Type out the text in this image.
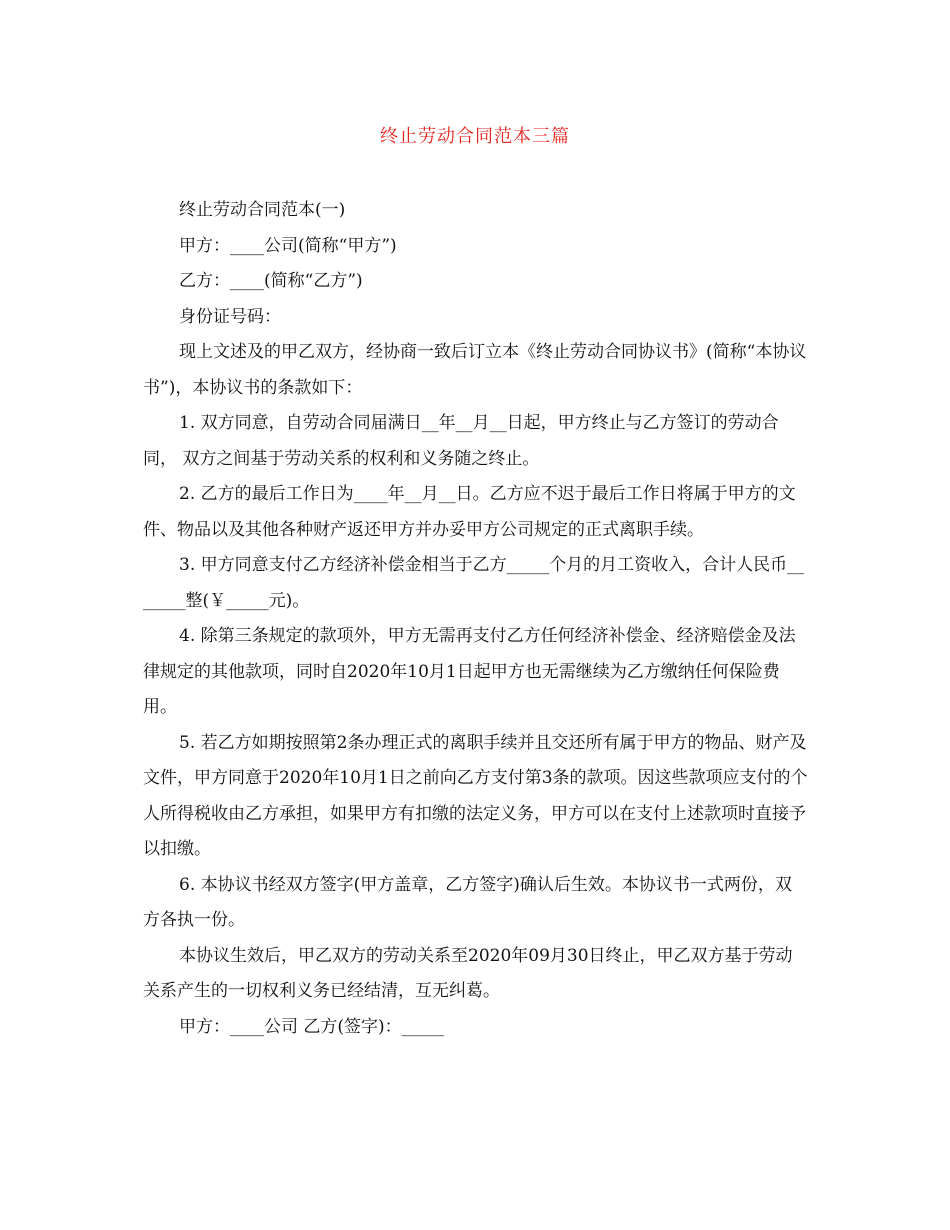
终止劳动合同范本三篇

终止劳动合同范本(一)

甲方：____公司(简称“甲方”)

乙方：____(简称“乙方”)

身份证号码：

现上文述及的甲乙双方，经协商一致后订立本《终止劳动合同协议书》(简称“本协议书”)，本协议书的条款如下：

1. 双方同意，自劳动合同届满日__年__月__日起，甲方终止与乙方签订的劳动合同， 双方之间基于劳动关系的权利和义务随之终止。

2. 乙方的最后工作日为____年__月__日。乙方应不迟于最后工作日将属于甲方的文件、物品以及其他各种财产返还甲方并办妥甲方公司规定的正式离职手续。

3. 甲方同意支付乙方经济补偿金相当于乙方_____个月的月工资收入，合计人民币_______整(￥_____元)。

4. 除第三条规定的款项外，甲方无需再支付乙方任何经济补偿金、经济赔偿金及法律规定的其他款项，同时自2020年10月1日起甲方也无需继续为乙方缴纳任何保险费用。

5. 若乙方如期按照第2条办理正式的离职手续并且交还所有属于甲方的物品、财产及文件，甲方同意于2020年10月1日之前向乙方支付第3条的款项。因这些款项应支付的个人所得税收由乙方承担，如果甲方有扣缴的法定义务，甲方可以在支付上述款项时直接予以扣缴。

6. 本协议书经双方签字(甲方盖章，乙方签字)确认后生效。本协议书一式两份，双方各执一份。

本协议生效后，甲乙双方的劳动关系至2020年09月30日终止，甲乙双方基于劳动关系产生的一切权利义务已经结清，互无纠葛。

甲方：____公司 乙方(签字)：_____
